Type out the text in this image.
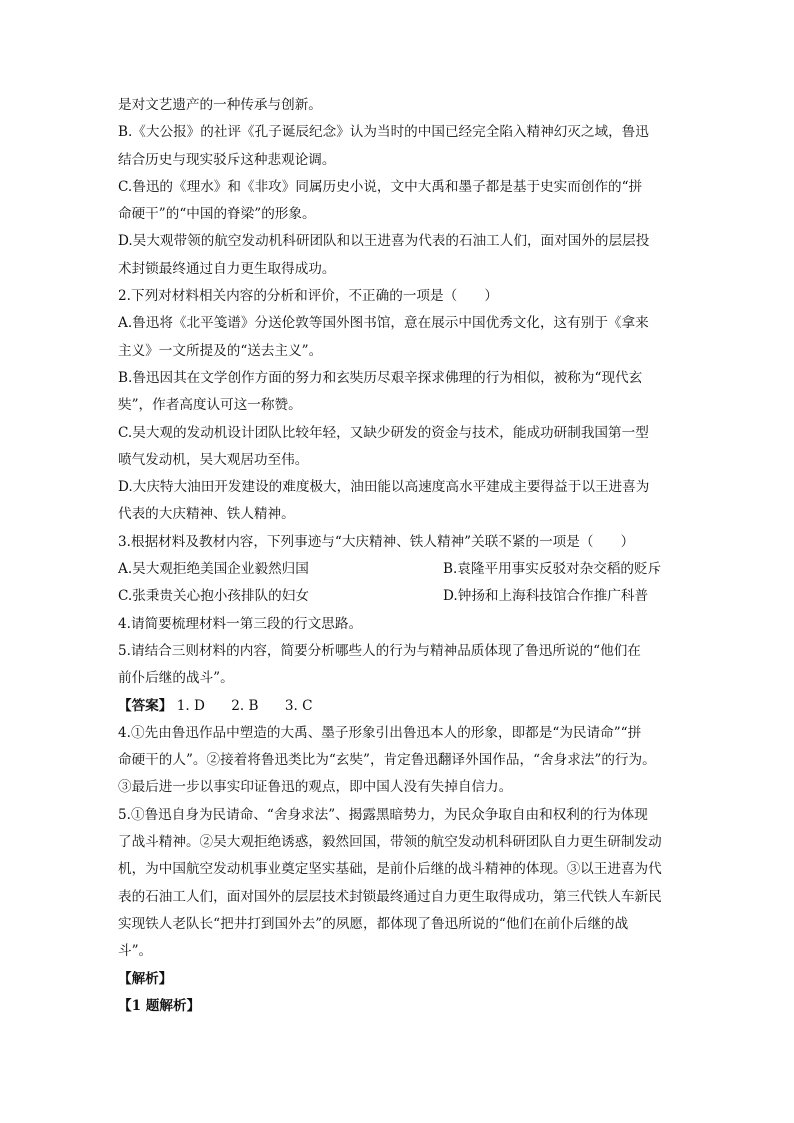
是对文艺遗产的一种传承与创新。
B.《大公报》的社评《孔子诞辰纪念》认为当时的中国已经完全陷入精神幻灭之域，鲁迅
结合历史与现实驳斥这种悲观论调。
C.鲁迅的《理水》和《非攻》同属历史小说，文中大禹和墨子都是基于史实而创作的“拼
命硬干”的“中国的脊梁”的形象。
D.吴大观带领的航空发动机科研团队和以王进喜为代表的石油工人们，面对国外的层层投
术封锁最终通过自力更生取得成功。
2.下列对材料相关内容的分析和评价，不正确的一项是（　　）
A.鲁迅将《北平笺谱》分送伦敦等国外图书馆，意在展示中国优秀文化，这有别于《拿来
主义》一文所提及的“送去主义”。
B.鲁迅因其在文学创作方面的努力和玄奘历尽艰辛探求佛理的行为相似，被称为“现代玄
奘”，作者高度认可这一称赞。
C.吴大观的发动机设计团队比较年轻，又缺少研发的资金与技术，能成功研制我国第一型
喷气发动机，吴大观居功至伟。
D.大庆特大油田开发建设的难度极大，油田能以高速度高水平建成主要得益于以王进喜为
代表的大庆精神、铁人精神。
3.根据材料及教材内容，下列事迹与“大庆精神、铁人精神”关联不紧的一项是（　　）
A.吴大观拒绝美国企业毅然归国	B.袁隆平用事实反驳对杂交稻的贬斥
C.张秉贵关心抱小孩排队的妇女	D.钟扬和上海科技馆合作推广科普
4.请简要梳理材料一第三段的行文思路。
5.请结合三则材料的内容，简要分析哪些人的行为与精神品质体现了鲁迅所说的“他们在
前仆后继的战斗”。
【答案】 1. D 2. B 3. C
4.①先由鲁迅作品中塑造的大禹、墨子形象引出鲁迅本人的形象，即都是“为民请命”“拼
命硬干的人”。②接着将鲁迅类比为“玄奘”，肯定鲁迅翻译外国作品，“舍身求法”的行为。
③最后进一步以事实印证鲁迅的观点，即中国人没有失掉自信力。
5.①鲁迅自身为民请命、“舍身求法”、揭露黑暗势力，为民众争取自由和权利的行为体现
了战斗精神。②吴大观拒绝诱惑，毅然回国，带领的航空发动机科研团队自力更生研制发动
机，为中国航空发动机事业奠定坚实基础，是前仆后继的战斗精神的体现。③以王进喜为代
表的石油工人们，面对国外的层层技术封锁最终通过自力更生取得成功，第三代铁人车新民
实现铁人老队长“把井打到国外去”的夙愿，都体现了鲁迅所说的“他们在前仆后继的战
斗”。
【解析】
【1 题解析】
